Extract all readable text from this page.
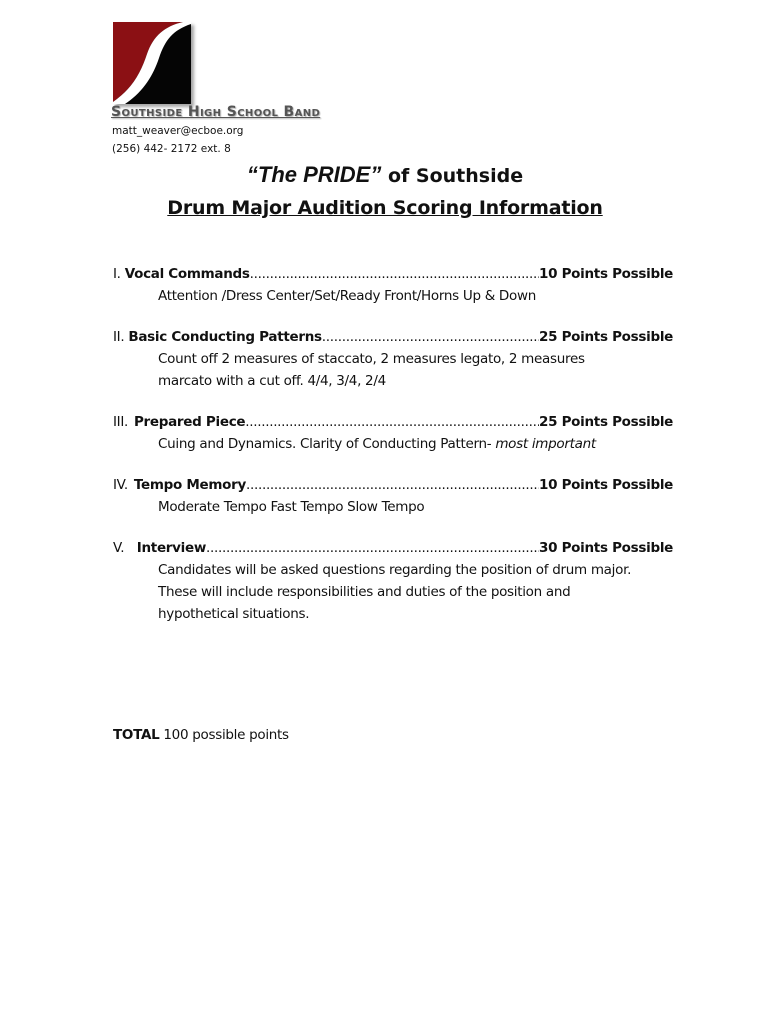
Southside High School Band
matt_weaver@ecboe.org
(256) 442- 2172 ext. 8
“The PRIDE” of Southside
Drum Major Audition Scoring Information
I.
Vocal Commands .....	10 Points Possible
Attention /Dress Center/Set/Ready Front/Horns Up & Down
II.
Basic Conducting Patterns .....	25 Points Possible
Count off 2 measures of staccato, 2 measures legato, 2 measures marcato with a cut off. 4/4, 3/4, 2/4
III. Prepared Piece .....	25 Points Possible
Cuing and Dynamics. Clarity of Conducting Pattern- most important
IV. Tempo Memory .....	10 Points Possible
Moderate Tempo Fast Tempo Slow Tempo
V. Interview .....	30 Points Possible
Candidates will be asked questions regarding the position of drum major. These will include responsibilities and duties of the position and hypothetical situations.
TOTAL 100 possible points
